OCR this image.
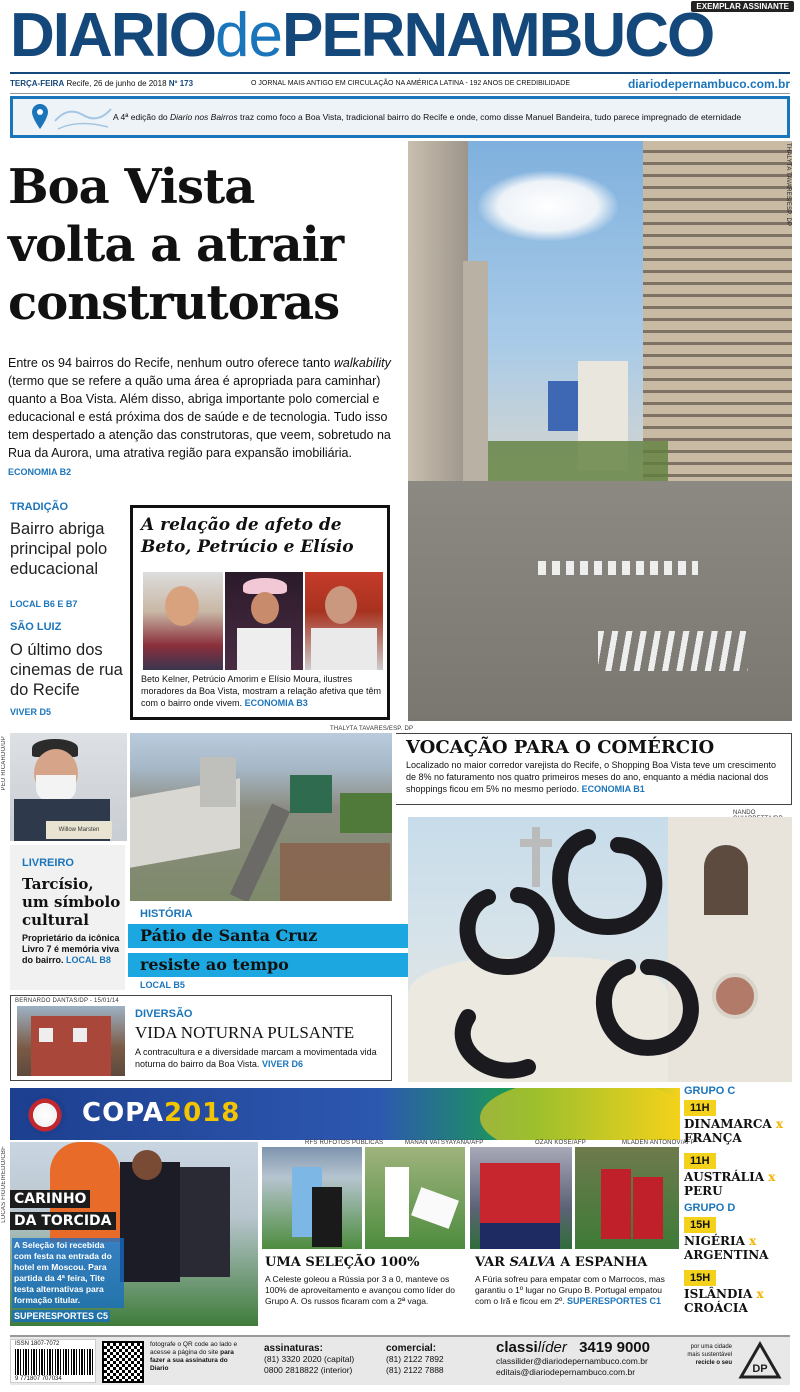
EXEMPLAR ASSINANTE
DIARIOdePERNAMBUCO
TERÇA-FEIRA Recife, 26 de junho de 2018 Nº 173	O JORNAL MAIS ANTIGO EM CIRCULAÇÃO NA AMÉRICA LATINA - 192 ANOS DE CREDIBILIDADE	diariodepernambuco.com.br
A 4ª edição do Diario nos Bairros traz como foco a Boa Vista, tradicional bairro do Recife e onde, como disse Manuel Bandeira, tudo parece impregnado de eternidade
Boa Vista
volta a atrair
construtoras
Entre os 94 bairros do Recife, nenhum outro oferece tanto walkability (termo que se refere a quão uma área é apropriada para caminhar) quanto a Boa Vista. Além disso, abriga importante polo comercial e educacional e está próxima dos de saúde e de tecnologia. Tudo isso tem despertado a atenção das construtoras, que veem, sobretudo na Rua da Aurora, uma atrativa região para expansão imobiliária. ECONOMIA B2
THALYTA TAVARES/ESP. DP
TRADIÇÃO
Bairro abriga principal polo educacional
LOCAL B6 E B7
SÃO LUIZ
O último dos cinemas de rua do Recife
VIVER D5
A relação de afeto de Beto, Petrúcio e Elísio
Beto Kelner, Petrúcio Amorim e Elísio Moura, ilustres moradores da Boa Vista, mostram a relação afetiva que têm com o bairro onde vivem. ECONOMIA B3
Willow Marsten
PEU RICARDO/DP
LIVREIRO
Tarcísio, um símbolo cultural
Proprietário da icônica Livro 7 é memória viva do bairro. LOCAL B8
THALYTA TAVARES/ESP. DP
HISTÓRIA
Pátio de Santa Cruz
resiste ao tempo
LOCAL B5
VOCAÇÃO PARA O COMÉRCIO
Localizado no maior corredor varejista do Recife, o Shopping Boa Vista teve um crescimento de 8% no faturamento nos quatro primeiros meses do ano, enquanto a média nacional dos shoppings ficou em 5% no mesmo período. ECONOMIA B1
NANDO
BERNARDO DANTAS/DP - 15/01/14
DIVERSÃO
VIDA NOTURNA PULSANTE
A contracultura e a diversidade marcam a movimentada vida noturna do bairro da Boa Vista. VIVER D6
COPA2018
GRUPO C
11H
DINAMARCA x
FRANÇA
11H
AUSTRÁLIA x
PERU
GRUPO D
15H
NIGÉRIA x
ARGENTINA
15H
ISLÂNDIA x
CROÁCIA
CARINHO
DA TORCIDA
A Seleção foi recebida com festa na entrada do hotel em Moscou. Para partida da 4ª feira, Tite testa alternativas para formação titular.
SUPERESPORTES C5
LUCAS FIGUEIREDO/CBF
RFS RUFOTOS PÚBLICAS	MANAN VATSYAYANA/AFP
UMA SELEÇÃO 100%
A Celeste goleou a Rússia por 3 a 0, manteve os 100% de aproveitamento e avançou como líder do Grupo A. Os russos ficaram com a 2ª vaga.
OZAN KOSE/AFP	MLADEN ANTONOV/AFP
VAR SALVA A ESPANHA
A Fúria sofreu para empatar com o Marrocos, mas garantiu o 1º lugar no Grupo B. Portugal empatou com o Irã e ficou em 2º. SUPERESPORTES C1
ISSN 1807-7072
9 771807 707034
fotografe o QR code ao lado e acesse a página do site para fazer a sua assinatura do Diario
assinaturas:
(81) 3320 2020 (capital)
0800 2818822 (interior)
comercial:
(81) 2122 7892
(81) 2122 7888
classilíder 3419 9000
classilider@diariodepernambuco.com.br
editais@diariodepernambuco.com.br
por uma cidade mais sustentável
recicle o seu DP
